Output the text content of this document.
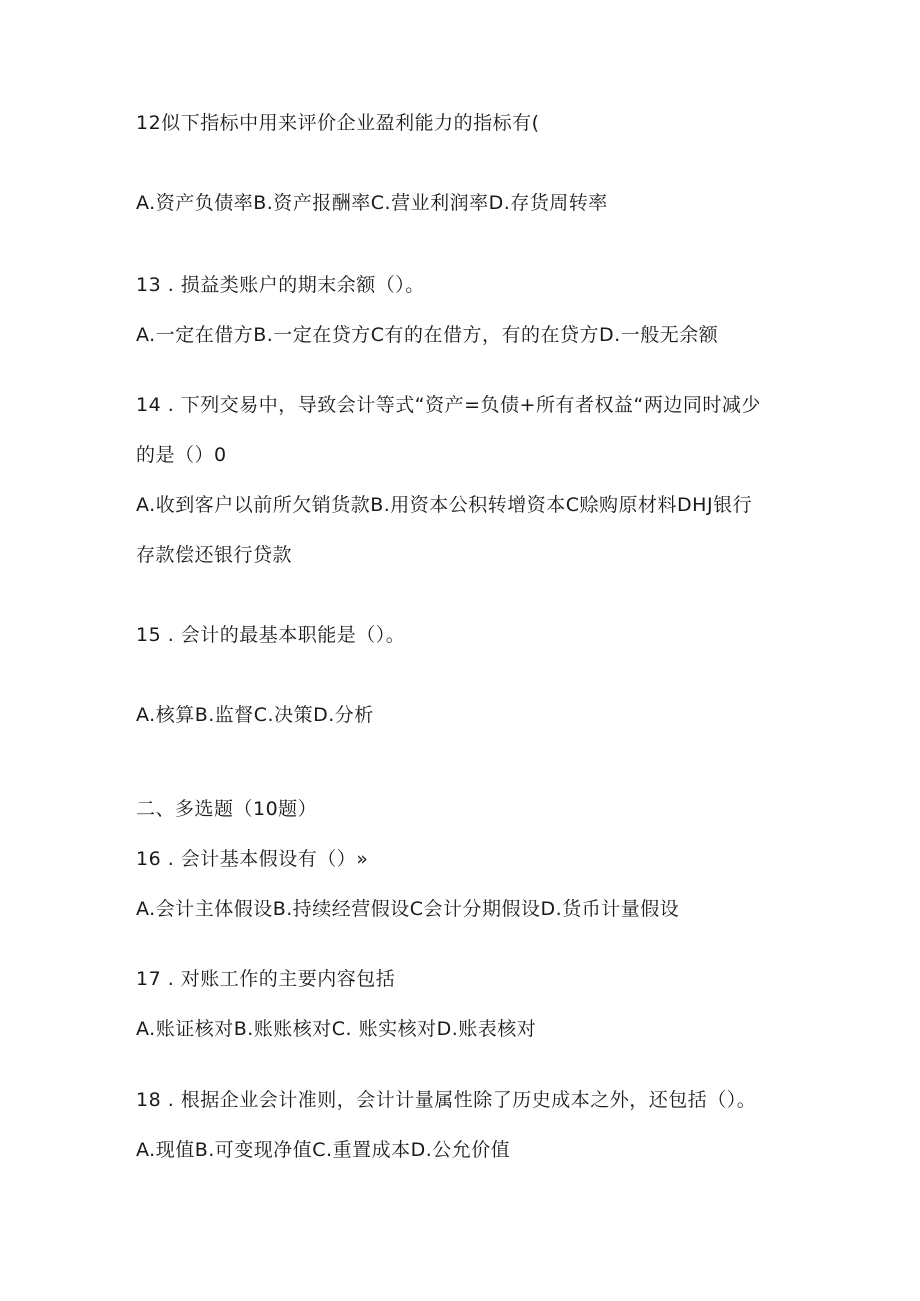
12似下指标中用来评价企业盈利能力的指标有(
A.资产负债率B.资产报酬率C.营业利润率D.存货周转率
13 . 损益类账户的期末余额（）。
A.一定在借方B.一定在贷方C有的在借方，有的在贷方D.一般无余额
14 . 下列交易中，导致会计等式“资产=负债+所有者权益“两边同时减少
的是（）0
A.收到客户以前所欠销货款B.用资本公积转增资本C赊购原材料DHJ银行
存款偿还银行贷款
15 . 会计的最基本职能是（）。
A.核算B.监督C.决策D.分析
二、多选题（10题）
16 . 会计基本假设有（）»
A.会计主体假设B.持续经营假设C会计分期假设D.货币计量假设
17 . 对账工作的主要内容包括
A.账证核对B.账账核对C. 账实核对D.账表核对
18 . 根据企业会计准则，会计计量属性除了历史成本之外，还包括（）。
A.现值B.可变现净值C.重置成本D.公允价值
